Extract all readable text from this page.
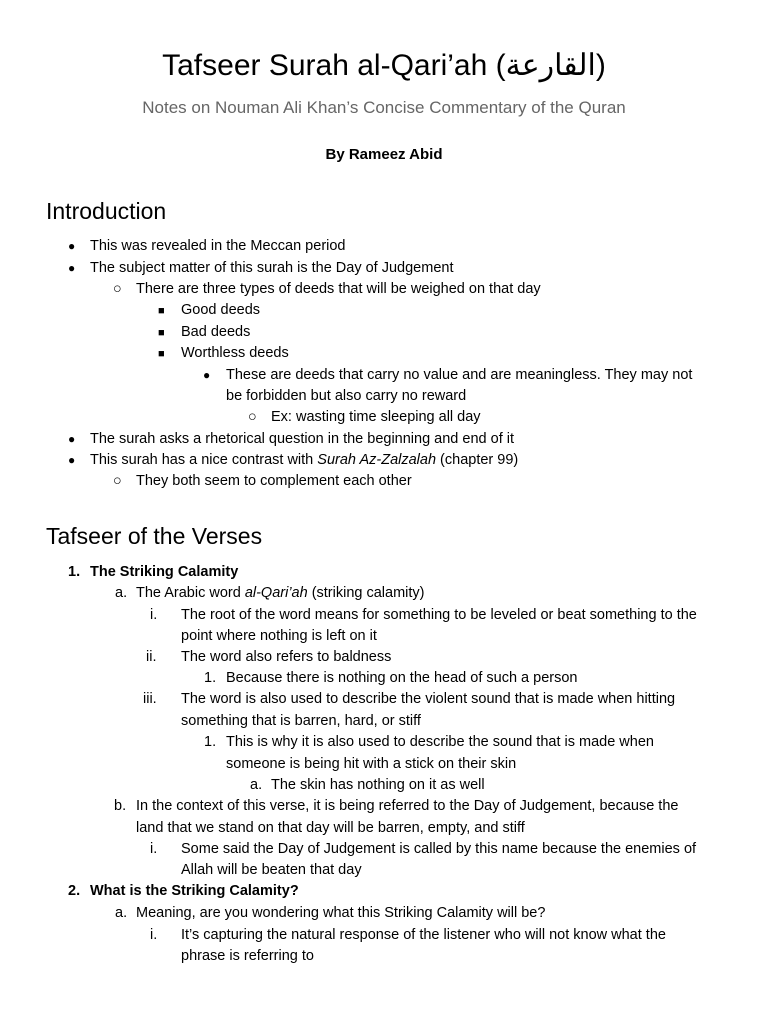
Tafseer Surah al-Qari’ah (القارعة)
Notes on Nouman Ali Khan’s Concise Commentary of the Quran
By Rameez Abid
Introduction
● This was revealed in the Meccan period
● The subject matter of this surah is the Day of Judgement
○ There are three types of deeds that will be weighed on that day
■ Good deeds
■ Bad deeds
■ Worthless deeds
● These are deeds that carry no value and are meaningless. They may not
be forbidden but also carry no reward
○ Ex: wasting time sleeping all day
● The surah asks a rhetorical question in the beginning and end of it
● This surah has a nice contrast with Surah Az-Zalzalah (chapter 99)
○ They both seem to complement each other
Tafseer of the Verses
1. The Striking Calamity
a. The Arabic word al-Qari’ah (striking calamity)
i. The root of the word means for something to be leveled or beat something to the
point where nothing is left on it
ii. The word also refers to baldness
1. Because there is nothing on the head of such a person
iii. The word is also used to describe the violent sound that is made when hitting
something that is barren, hard, or stiff
1. This is why it is also used to describe the sound that is made when
someone is being hit with a stick on their skin
a. The skin has nothing on it as well
b. In the context of this verse, it is being referred to the Day of Judgement, because the
land that we stand on that day will be barren, empty, and stiff
i. Some said the Day of Judgement is called by this name because the enemies of
Allah will be beaten that day
2. What is the Striking Calamity?
a. Meaning, are you wondering what this Striking Calamity will be?
i. It’s capturing the natural response of the listener who will not know what the
phrase is referring to
